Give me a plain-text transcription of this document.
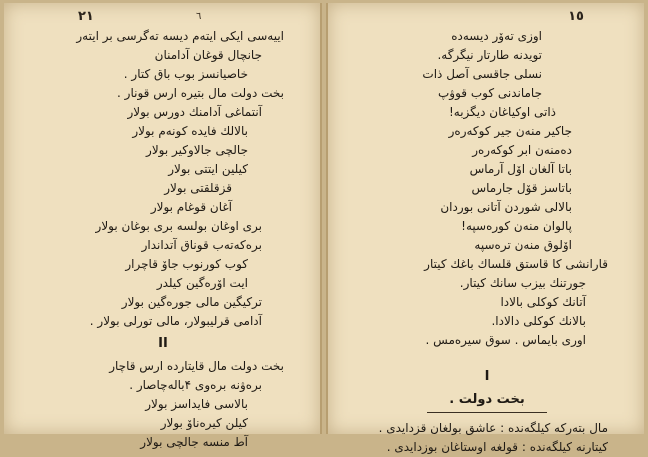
۲۱	٦
اییەسی ایكی ایتەم دیسە تەگرسی بر ایتەر
جانچال قوغان آدامنان
خاصیانسز بوب باق كتار .
بخت دولت مال بتیرە ارس قونار .
آنتماغی آدامنك دورس بولار
بالالك فایدە كونەم بولار
جالچی جالاوكیر بولار
كیلین ایتتی بولار
قزقلقتی بولار
آغان قوغام بولار
بری اوغان بولسە بری بوغان بولار
برەكەتەب قوناق آتداندار
كوب كورنوب جاۆ قاچرار
ایت اۆرەگین كیلدر
تركیگین مالی جورەگین بولار
آدامی قرلیبولار، مالی تورلی بولار .
II
بخت دولت مال قایتاردە ارس قاچار
برەۋنە برەوی ۴بالەچاصار .
بالاسی فایداسز بولار
كیلن كیرەناۆ بولار
آط منسە جالچی بولار
١٥
اوزی تەۆر دیسەدە
تویدنە طارتار نیگرگە.
نسلی جاقسی آصل ذات
جاماندنی كوب قوۋپ
ذاتی اوكیاغان دیگزبە!
جاكیر منەن جیر كوكەرەر
دەمنەن ابر كوكەرەر
باتا آلغان اۆل آرماس
باتاسز قۆل جارماس
بالالی شوردن آتانی بوردان
پالوان منەن كورەسپە!
اۆلوق منەن ترەسپە
قارانشی كا قاستق قلساك باغك كیتار
جورتنك بیزب سانك كیتار.
آتانك كوكلی بالادا
بالانك كوكلی دالادا.
اوری بایماس . سوق سیرەمس .
I
بخت دولت .
مال بتەركە كیلگەندە : عاشق بولغان قزدایدی .
كیتارنە كیلگەندە : قولغە اوستاغان بوزدایدی .
